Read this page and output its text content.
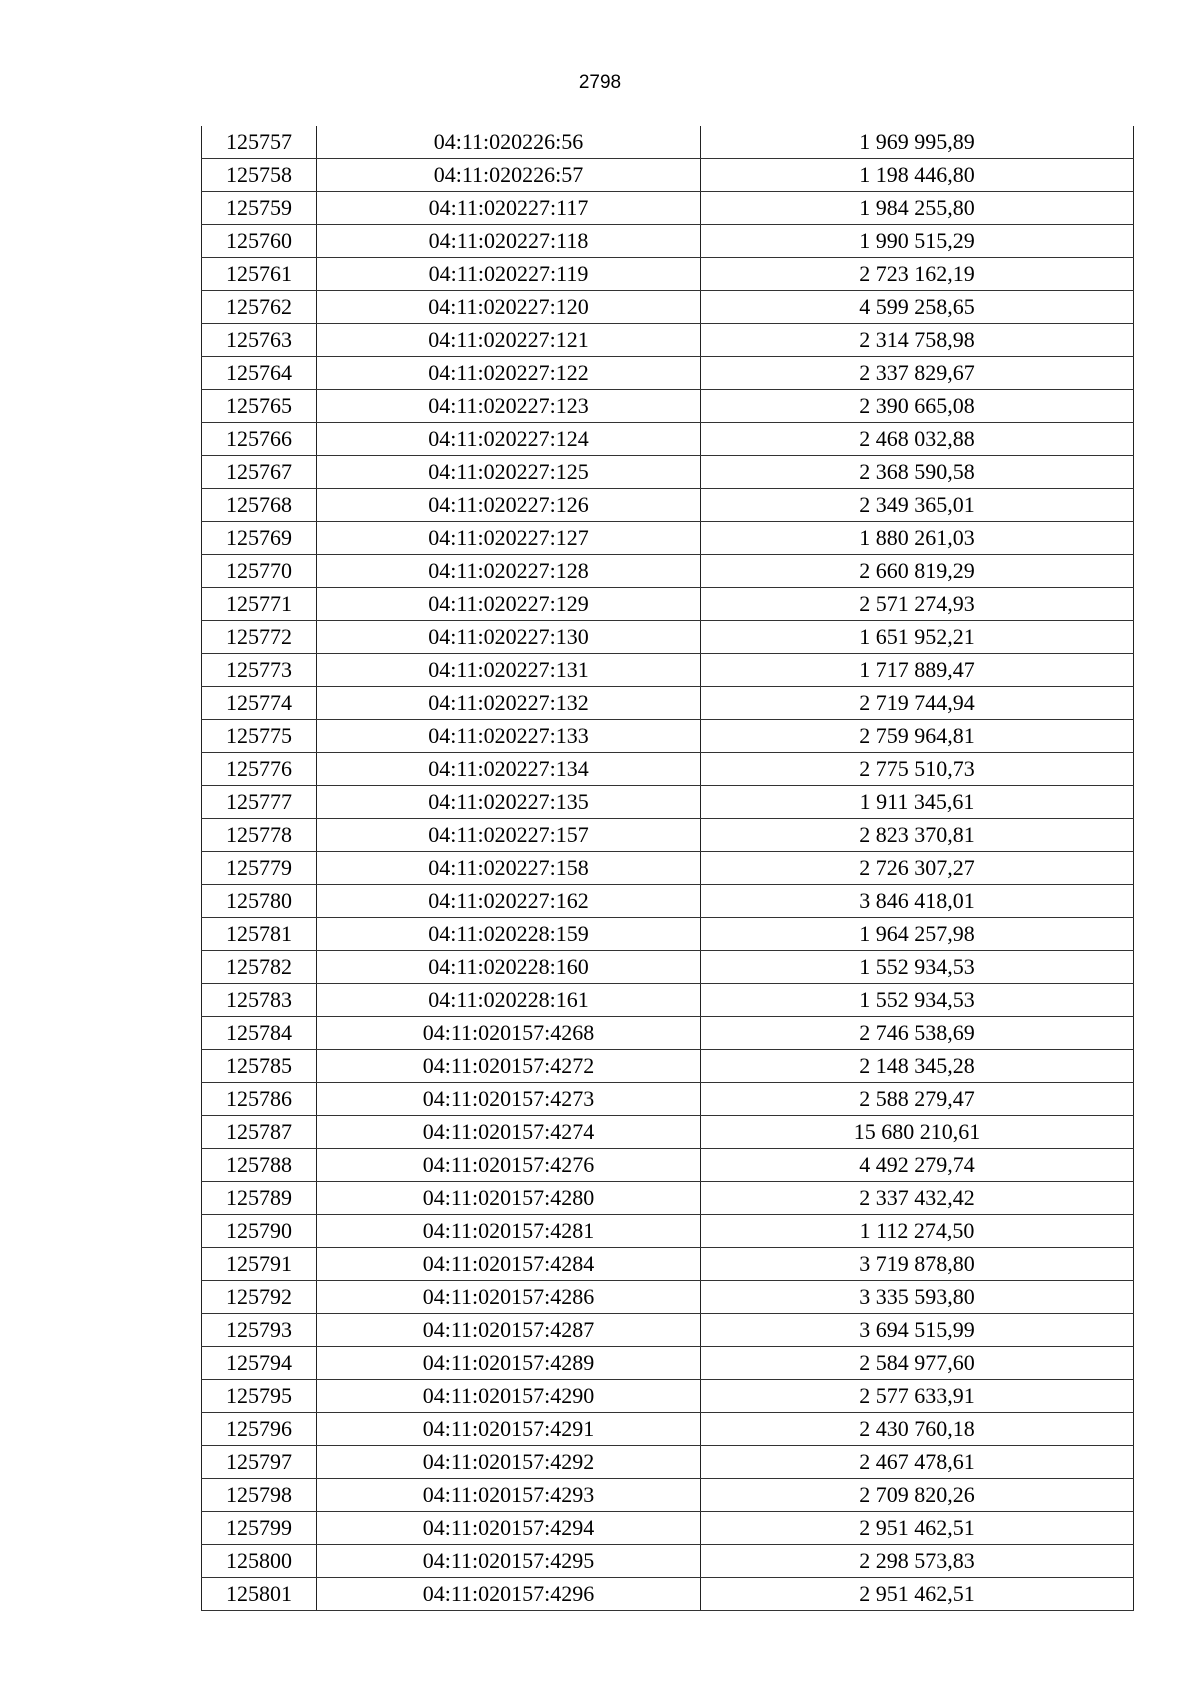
2798
125757	04:11:020226:56	1 969 995,89
125758	04:11:020226:57	1 198 446,80
125759	04:11:020227:117	1 984 255,80
125760	04:11:020227:118	1 990 515,29
125761	04:11:020227:119	2 723 162,19
125762	04:11:020227:120	4 599 258,65
125763	04:11:020227:121	2 314 758,98
125764	04:11:020227:122	2 337 829,67
125765	04:11:020227:123	2 390 665,08
125766	04:11:020227:124	2 468 032,88
125767	04:11:020227:125	2 368 590,58
125768	04:11:020227:126	2 349 365,01
125769	04:11:020227:127	1 880 261,03
125770	04:11:020227:128	2 660 819,29
125771	04:11:020227:129	2 571 274,93
125772	04:11:020227:130	1 651 952,21
125773	04:11:020227:131	1 717 889,47
125774	04:11:020227:132	2 719 744,94
125775	04:11:020227:133	2 759 964,81
125776	04:11:020227:134	2 775 510,73
125777	04:11:020227:135	1 911 345,61
125778	04:11:020227:157	2 823 370,81
125779	04:11:020227:158	2 726 307,27
125780	04:11:020227:162	3 846 418,01
125781	04:11:020228:159	1 964 257,98
125782	04:11:020228:160	1 552 934,53
125783	04:11:020228:161	1 552 934,53
125784	04:11:020157:4268	2 746 538,69
125785	04:11:020157:4272	2 148 345,28
125786	04:11:020157:4273	2 588 279,47
125787	04:11:020157:4274	15 680 210,61
125788	04:11:020157:4276	4 492 279,74
125789	04:11:020157:4280	2 337 432,42
125790	04:11:020157:4281	1 112 274,50
125791	04:11:020157:4284	3 719 878,80
125792	04:11:020157:4286	3 335 593,80
125793	04:11:020157:4287	3 694 515,99
125794	04:11:020157:4289	2 584 977,60
125795	04:11:020157:4290	2 577 633,91
125796	04:11:020157:4291	2 430 760,18
125797	04:11:020157:4292	2 467 478,61
125798	04:11:020157:4293	2 709 820,26
125799	04:11:020157:4294	2 951 462,51
125800	04:11:020157:4295	2 298 573,83
125801	04:11:020157:4296	2 951 462,51
